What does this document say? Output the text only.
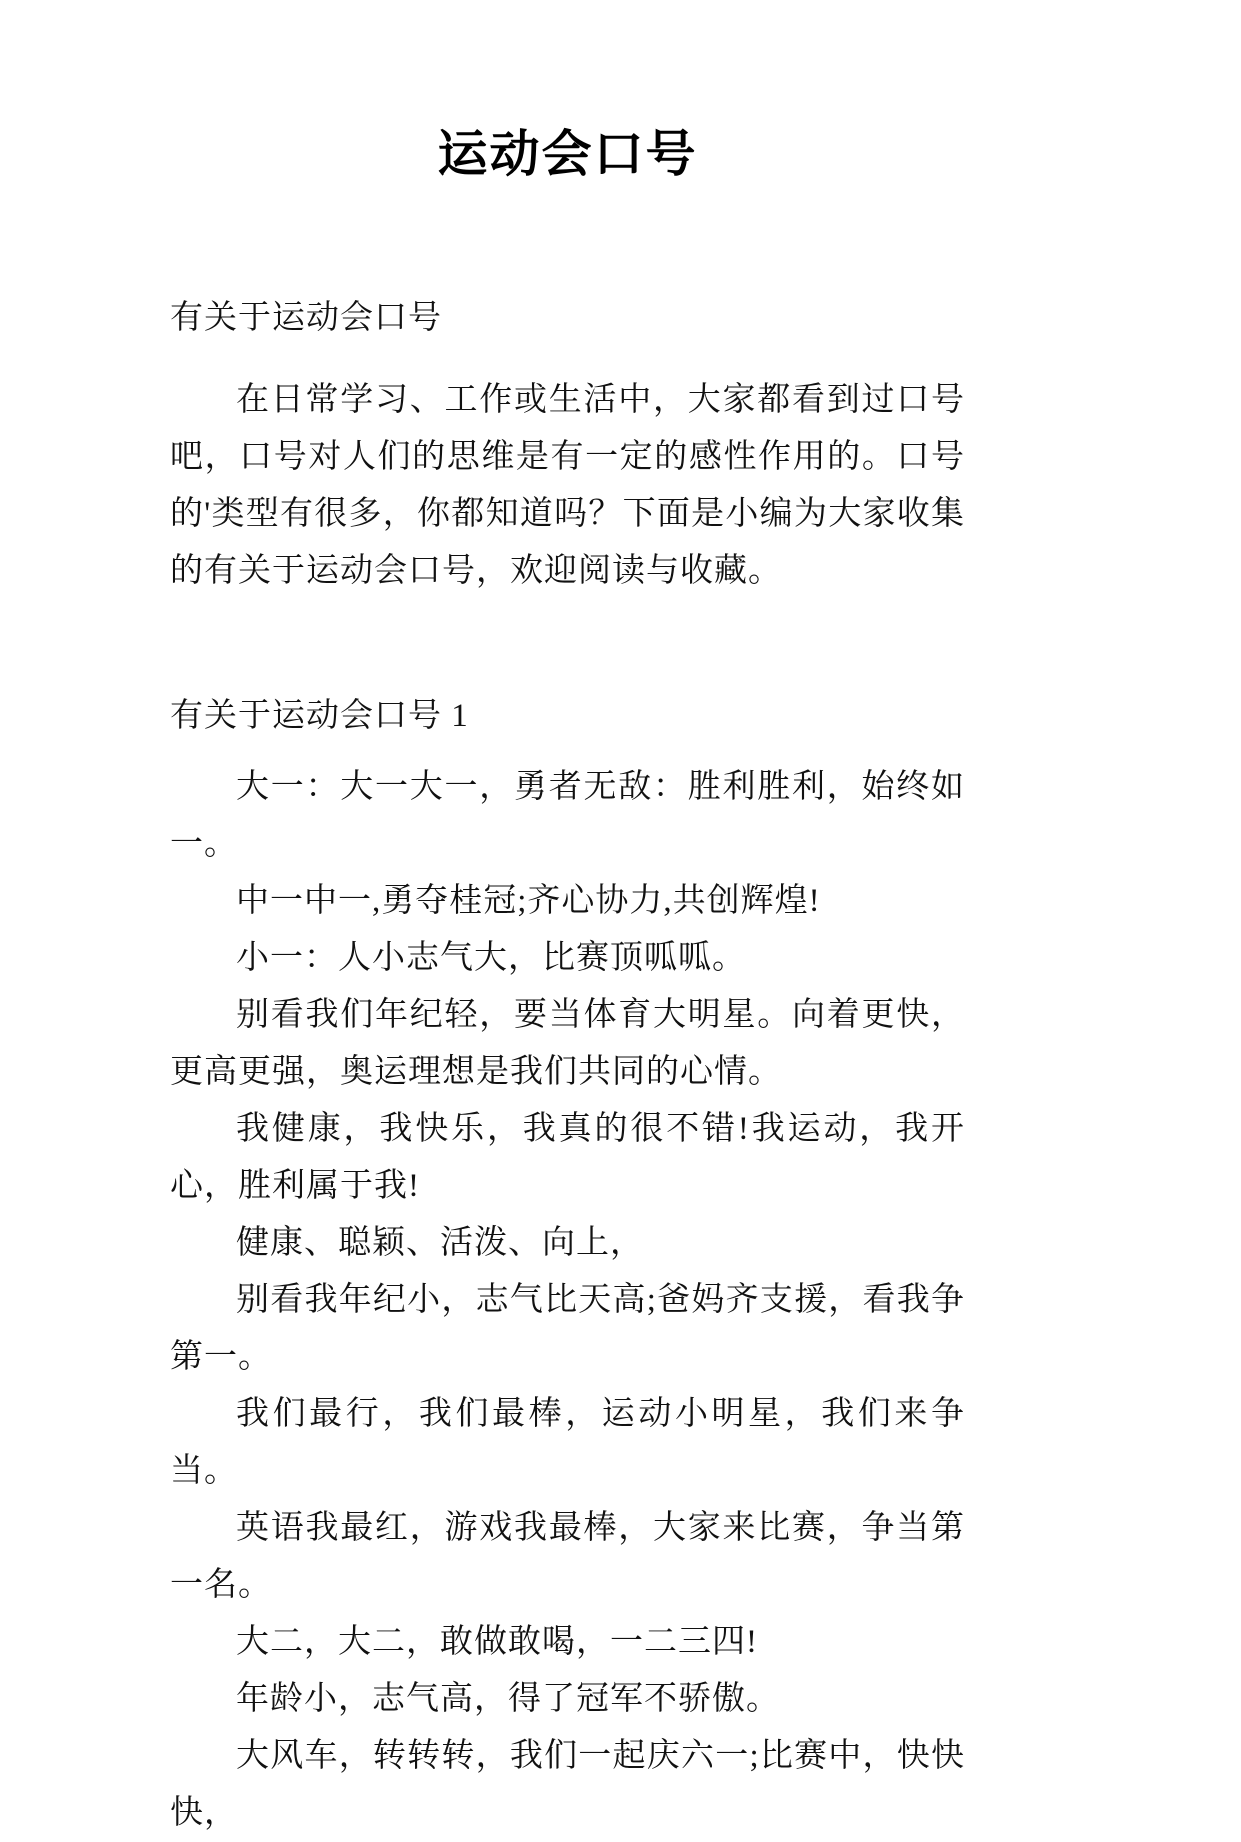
运动会口号

有关于运动会口号

在日常学习、工作或生活中，大家都看到过口号吧，口号对人们的思维是有一定的感性作用的。口号的'类型有很多，你都知道吗？下面是小编为大家收集的有关于运动会口号，欢迎阅读与收藏。

有关于运动会口号 1

大一：大一大一，勇者无敌：胜利胜利，始终如一。

中一中一,勇夺桂冠;齐心协力,共创辉煌!

小一：人小志气大，比赛顶呱呱。

别看我们年纪轻，要当体育大明星。向着更快，更高更强，奥运理想是我们共同的心情。

我健康，我快乐，我真的很不错!我运动，我开心，胜利属于我!

健康、聪颖、活泼、向上，

别看我年纪小，志气比天高;爸妈齐支援，看我争第一。

我们最行，我们最棒，运动小明星，我们来争当。

英语我最红，游戏我最棒，大家来比赛，争当第一名。

大二，大二，敢做敢喝，一二三四!

年龄小，志气高，得了冠军不骄傲。

大风车，转转转，我们一起庆六一;比赛中，快快快，
